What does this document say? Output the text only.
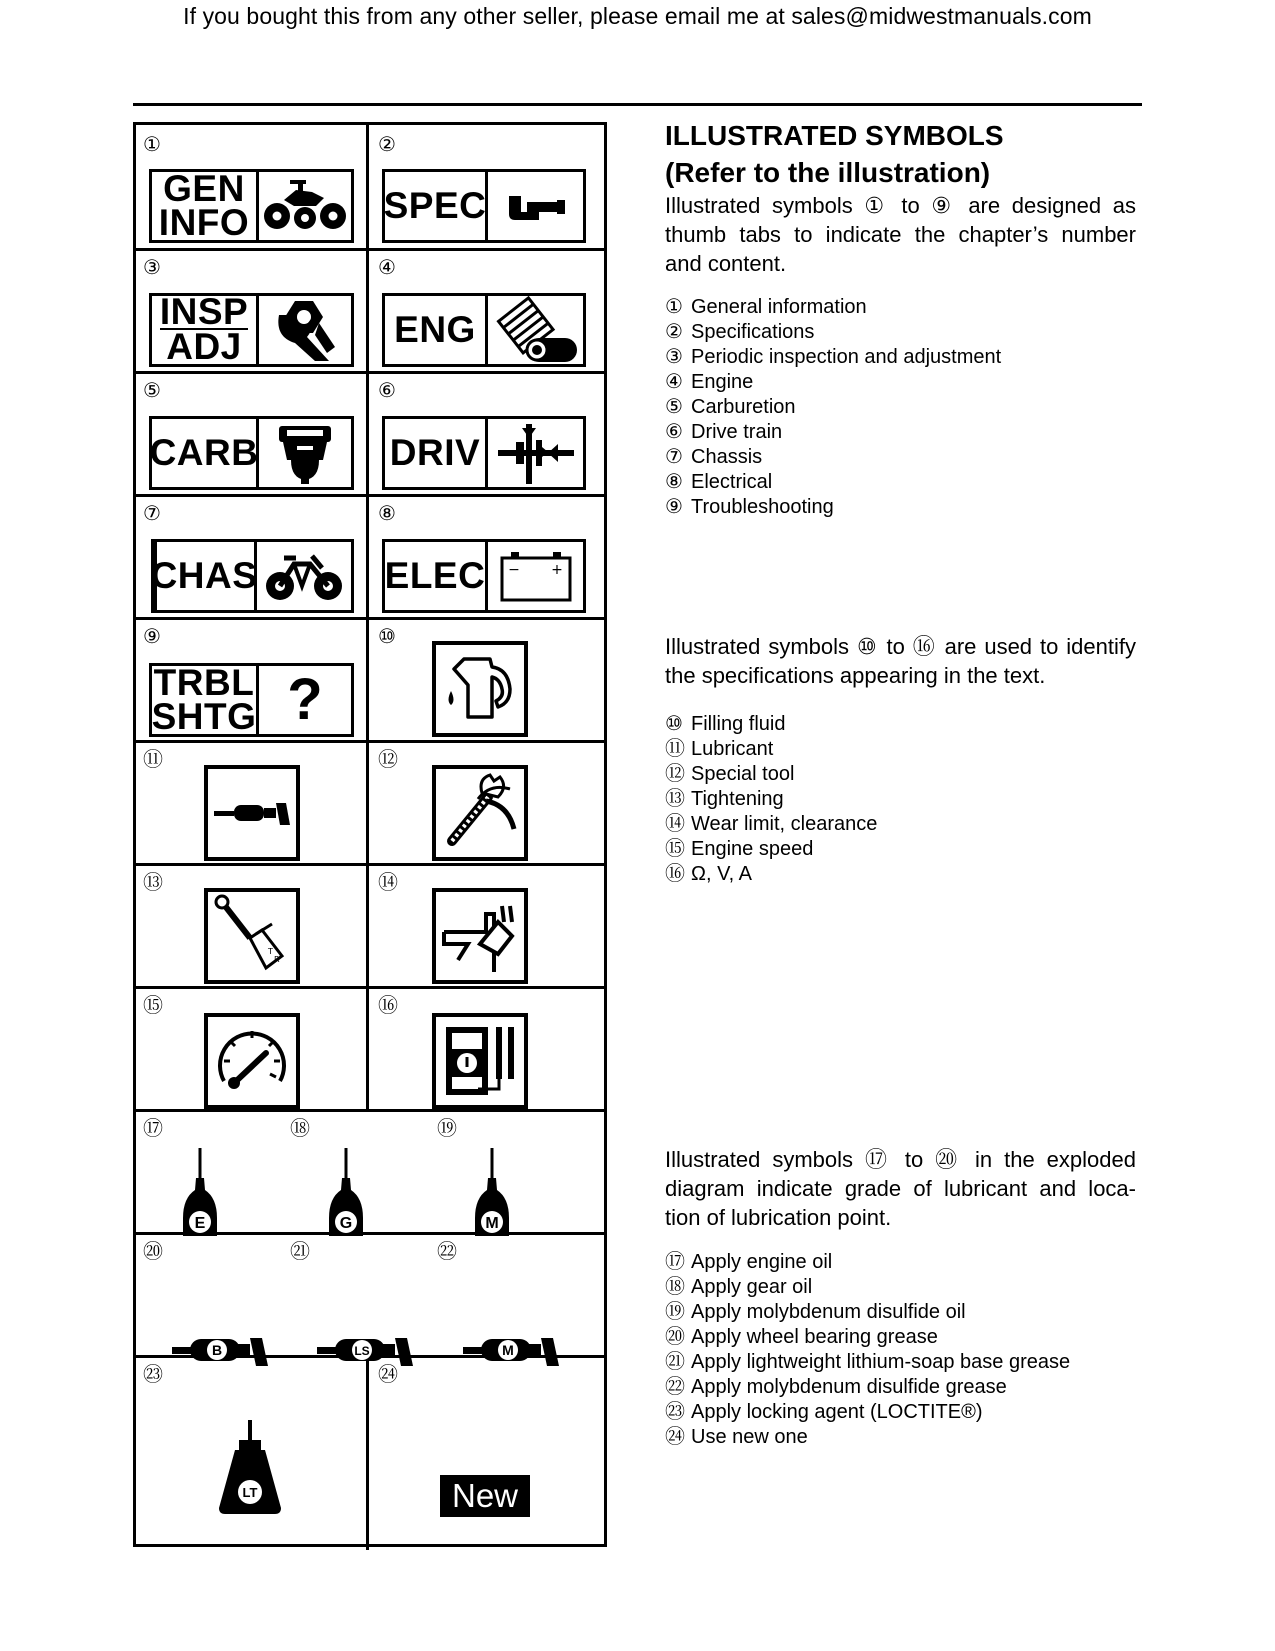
If you bought this from any other seller, please email me at sales@midwestmanuals.com
①	②
③	④
⑤	⑥
⑦	⑧
⑨	⑩
⑪	⑫
⑬	⑭
⑮	⑯
⑰	⑱	⑲
⑳	㉑	㉒
㉓	㉔
GEN
INFO	SPEC
INSP
ADJ	ENG
CARB	DRIV
CHAS	ELEC − +
TRBL
SHTG ?
T
R
E	G	M
B	LS	M
LT	New
ILLUSTRATED SYMBOLS
(Refer to the illustration)
Illustrated symbols ① to ⑨ are designed as thumb tabs to indicate the chapter’s number and content.
① General information
② Specifications
③ Periodic inspection and adjustment
④ Engine
⑤ Carburetion
⑥ Drive train
⑦ Chassis
⑧ Electrical
⑨ Troubleshooting
Illustrated symbols ⑩ to ⑯ are used to identify the specifications appearing in the text.
⑩ Filling fluid
⑪ Lubricant
⑫ Special tool
⑬ Tightening
⑭ Wear limit, clearance
⑮ Engine speed
⑯ Ω, V, A
Illustrated symbols ⑰ to ⑳ in the exploded diagram indicate grade of lubricant and loca- tion of lubrication point.
⑰ Apply engine oil
⑱ Apply gear oil
⑲ Apply molybdenum disulfide oil
⑳ Apply wheel bearing grease
㉑ Apply lightweight lithium-soap base grease
㉒ Apply molybdenum disulfide grease
㉓ Apply locking agent (LOCTITE®)
㉔ Use new one
